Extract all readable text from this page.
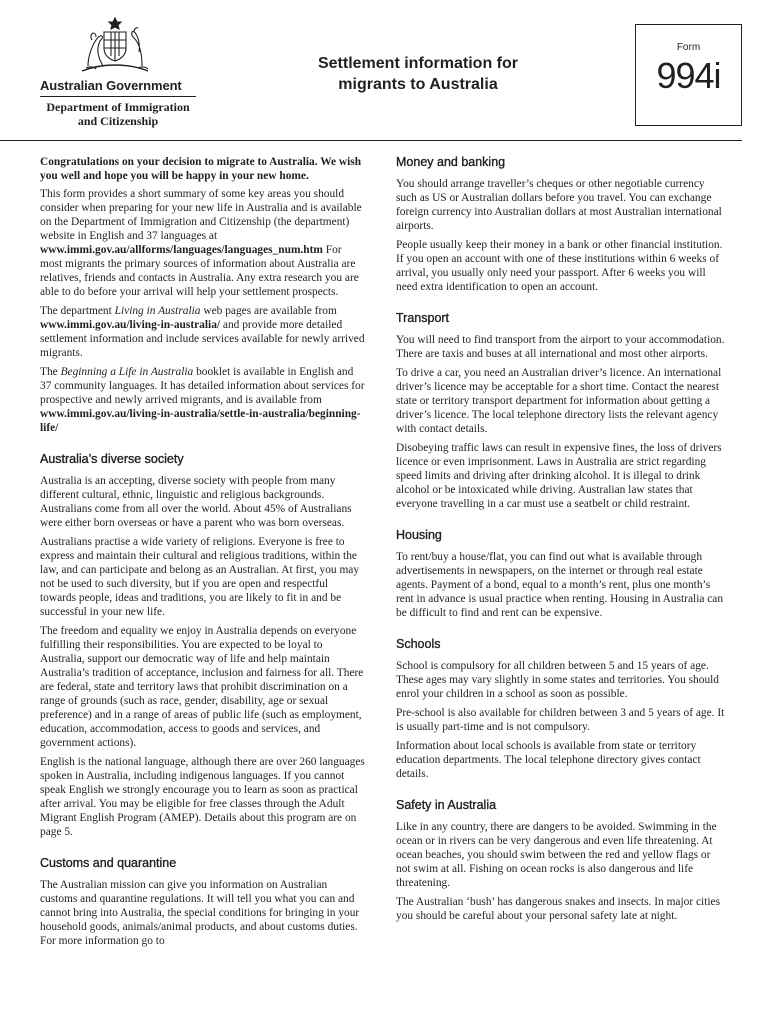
Australian Government
Department of Immigration
and Citizenship
Settlement information for
migrants to Australia
Form
994i

Congratulations on your decision to migrate to Australia. We wish you well and hope you will be happy in your new home.

This form provides a short summary of some key areas you should consider when preparing for your new life in Australia and is available on the Department of Immigration and Citizenship (the department) website in English and 37 languages at www.immi.gov.au/allforms/languages/languages_num.htm For most migrants the primary sources of information about Australia are relatives, friends and contacts in Australia. Any extra research you are able to do before your arrival will help your settlement prospects.

The department Living in Australia web pages are available from www.immi.gov.au/living-in-australia/ and provide more detailed settlement information and include services available for newly arrived migrants.

The Beginning a Life in Australia booklet is available in English and 37 community languages. It has detailed information about services for prospective and newly arrived migrants, and is available from www.immi.gov.au/living-in-australia/settle-in-australia/beginning-life/

Australia’s diverse society

Australia is an accepting, diverse society with people from many different cultural, ethnic, linguistic and religious backgrounds. Australians come from all over the world. About 45% of Australians were either born overseas or have a parent who was born overseas.

Australians practise a wide variety of religions. Everyone is free to express and maintain their cultural and religious traditions, within the law, and can participate and belong as an Australian. At first, you may not be used to such diversity, but if you are open and respectful towards people, ideas and traditions, you are likely to fit in and be successful in your new life.

The freedom and equality we enjoy in Australia depends on everyone fulfilling their responsibilities. You are expected to be loyal to Australia, support our democratic way of life and help maintain Australia’s tradition of acceptance, inclusion and fairness for all. There are federal, state and territory laws that prohibit discrimination on a range of grounds (such as race, gender, disability, age or sexual preference) and in a range of areas of public life (such as employment, education, accommodation, access to goods and services, and government actions).

English is the national language, although there are over 260 languages spoken in Australia, including indigenous languages. If you cannot speak English we strongly encourage you to learn as soon as practical after arrival. You may be eligible for free classes through the Adult Migrant English Program (AMEP). Details about this program are on page 5.

Customs and quarantine

The Australian mission can give you information on Australian customs and quarantine regulations. It will tell you what you can and cannot bring into Australia, the special conditions for bringing in your household goods, animals/animal products, and about customs duties. For more information go to

Money and banking

You should arrange traveller’s cheques or other negotiable currency such as US or Australian dollars before you travel. You can exchange foreign currency into Australian dollars at most Australian international airports.

People usually keep their money in a bank or other financial institution. If you open an account with one of these institutions within 6 weeks of arrival, you usually only need your passport. After 6 weeks you will need extra identification to open an account.

Transport

You will need to find transport from the airport to your accommodation. There are taxis and buses at all international and most other airports.

To drive a car, you need an Australian driver’s licence. An international driver’s licence may be acceptable for a short time. Contact the nearest state or territory transport department for information about getting a driver’s licence. The local telephone directory lists the relevant agency with contact details.

Disobeying traffic laws can result in expensive fines, the loss of drivers licence or even imprisonment. Laws in Australia are strict regarding speed limits and driving after drinking alcohol. It is illegal to drink alcohol or be intoxicated while driving. Australian law states that everyone travelling in a car must use a seatbelt or child restraint.

Housing

To rent/buy a house/flat, you can find out what is available through advertisements in newspapers, on the internet or through real estate agents. Payment of a bond, equal to a month’s rent, plus one month’s rent in advance is usual practice when renting. Housing in Australia can be difficult to find and rent can be expensive.

Schools

School is compulsory for all children between 5 and 15 years of age. These ages may vary slightly in some states and territories. You should enrol your children in a school as soon as possible.

Pre-school is also available for children between 3 and 5 years of age. It is usually part-time and is not compulsory.

Information about local schools is available from state or territory education departments. The local telephone directory gives contact details.

Safety in Australia

Like in any country, there are dangers to be avoided. Swimming in the ocean or in rivers can be very dangerous and even life threatening. At ocean beaches, you should swim between the red and yellow flags or not swim at all. Fishing on ocean rocks is also dangerous and life threatening.

The Australian ‘bush’ has dangerous snakes and insects. In major cities you should be careful about your personal safety late at night.
